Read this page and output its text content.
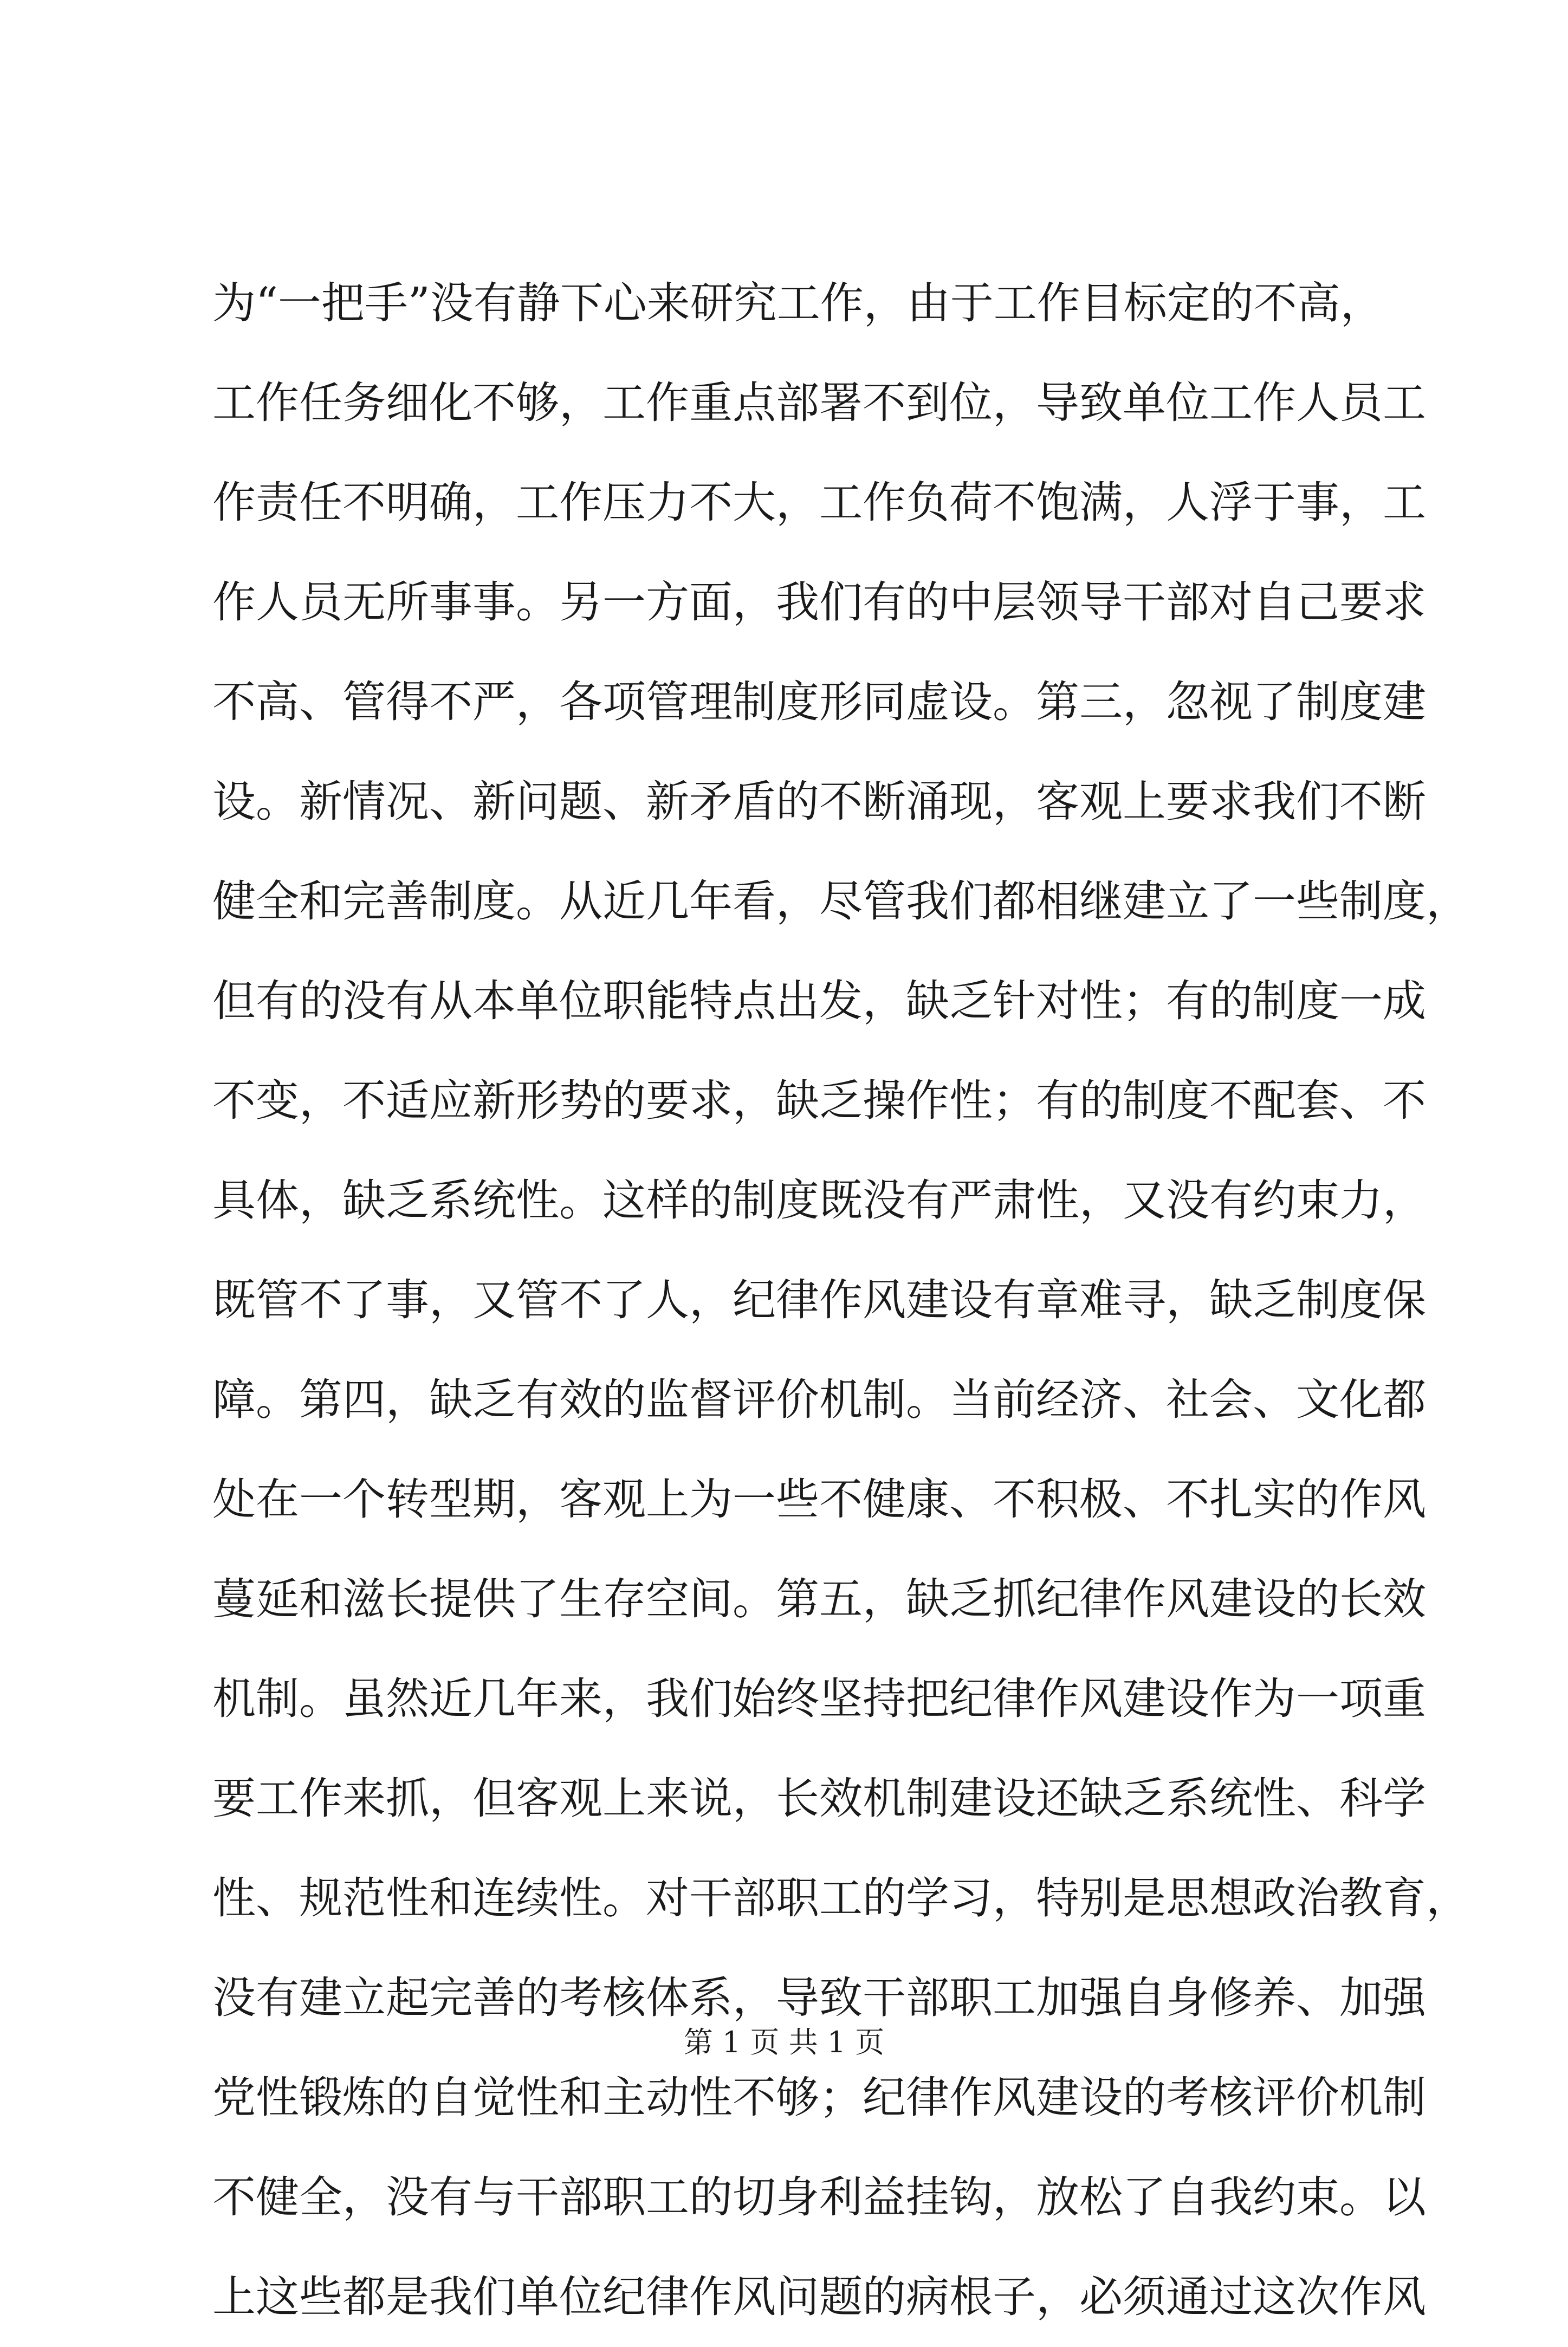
为“一把手”没有静下心来研究工作，由于工作目标定的不高，
工作任务细化不够，工作重点部署不到位，导致单位工作人员工
作责任不明确，工作压力不大，工作负荷不饱满，人浮于事，工
作人员无所事事。另一方面，我们有的中层领导干部对自己要求
不高、管得不严，各项管理制度形同虚设。第三，忽视了制度建
设。新情况、新问题、新矛盾的不断涌现，客观上要求我们不断
健全和完善制度。从近几年看，尽管我们都相继建立了一些制度，
但有的没有从本单位职能特点出发，缺乏针对性；有的制度一成
不变，不适应新形势的要求，缺乏操作性；有的制度不配套、不
具体，缺乏系统性。这样的制度既没有严肃性，又没有约束力，
既管不了事，又管不了人，纪律作风建设有章难寻，缺乏制度保
障。第四，缺乏有效的监督评价机制。当前经济、社会、文化都
处在一个转型期，客观上为一些不健康、不积极、不扎实的作风
蔓延和滋长提供了生存空间。第五，缺乏抓纪律作风建设的长效
机制。虽然近几年来，我们始终坚持把纪律作风建设作为一项重
要工作来抓，但客观上来说，长效机制建设还缺乏系统性、科学
性、规范性和连续性。对干部职工的学习，特别是思想政治教育，
没有建立起完善的考核体系，导致干部职工加强自身修养、加强
党性锻炼的自觉性和主动性不够；纪律作风建设的考核评价机制
不健全，没有与干部职工的切身利益挂钩，放松了自我约束。以
上这些都是我们单位纪律作风问题的病根子，必须通过这次作风
第 1 页 共 1 页
